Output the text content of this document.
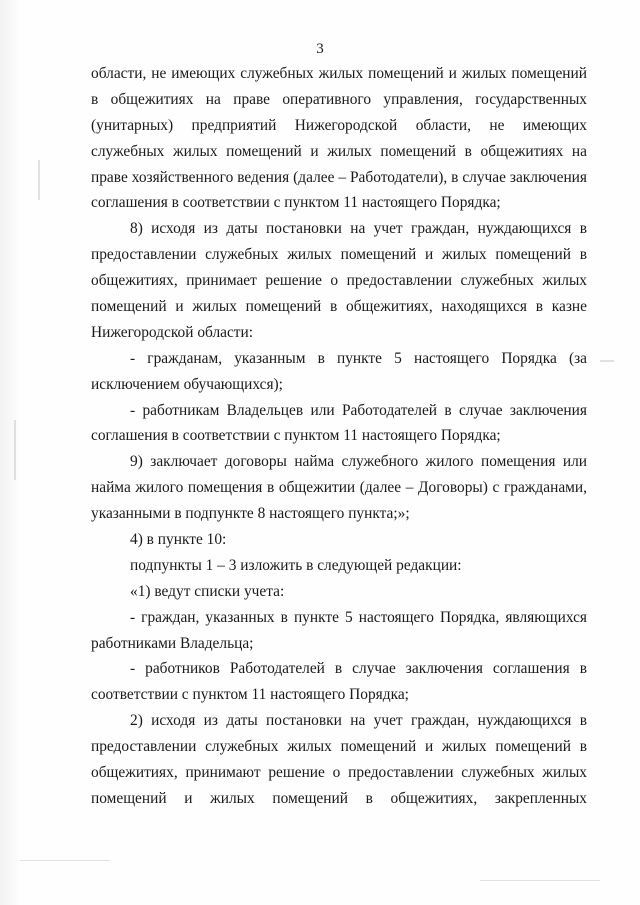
3
области, не имеющих служебных жилых помещений и жилых помещений
в общежитиях на праве оперативного управления, государственных
(унитарных) предприятий Нижегородской области, не имеющих
служебных жилых помещений и жилых помещений в общежитиях на
праве хозяйственного ведения (далее – Работодатели), в случае заключения
соглашения в соответствии с пунктом 11 настоящего Порядка;
8) исходя из даты постановки на учет граждан, нуждающихся в
предоставлении служебных жилых помещений и жилых помещений в
общежитиях, принимает решение о предоставлении служебных жилых
помещений и жилых помещений в общежитиях, находящихся в казне
Нижегородской области:
- гражданам, указанным в пункте 5 настоящего Порядка (за
исключением обучающихся);
- работникам Владельцев или Работодателей в случае заключения
соглашения в соответствии с пунктом 11 настоящего Порядка;
9) заключает договоры найма служебного жилого помещения или
найма жилого помещения в общежитии (далее – Договоры) с гражданами,
указанными в подпункте 8 настоящего пункта;»;
4) в пункте 10:
подпункты 1 – 3 изложить в следующей редакции:
«1) ведут списки учета:
- граждан, указанных в пункте 5 настоящего Порядка, являющихся
работниками Владельца;
- работников Работодателей в случае заключения соглашения в
соответствии с пунктом 11 настоящего Порядка;
2) исходя из даты постановки на учет граждан, нуждающихся в
предоставлении служебных жилых помещений и жилых помещений в
общежитиях, принимают решение о предоставлении служебных жилых
помещений и жилых помещений в общежитиях, закрепленных
